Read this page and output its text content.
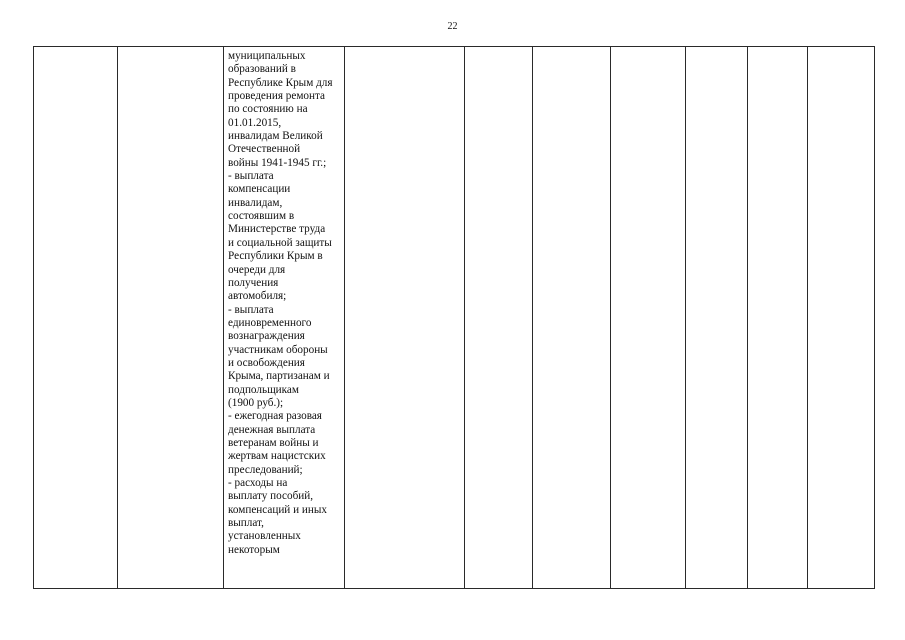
22

муниципальных
образований в
Республике Крым для
проведения ремонта
по состоянию на
01.01.2015,
инвалидам Великой
Отечественной
войны 1941-1945 гг.;
- выплата
компенсации
инвалидам,
состоявшим в
Министерстве труда
и социальной защиты
Республики Крым в
очереди для
получения
автомобиля;
- выплата
единовременного
вознаграждения
участникам обороны
и освобождения
Крыма, партизанам и
подпольщикам
(1900 руб.);
- ежегодная разовая
денежная выплата
ветеранам войны и
жертвам нацистских
преследований;
- расходы на
выплату пособий,
компенсаций и иных
выплат,
установленных
некоторым
